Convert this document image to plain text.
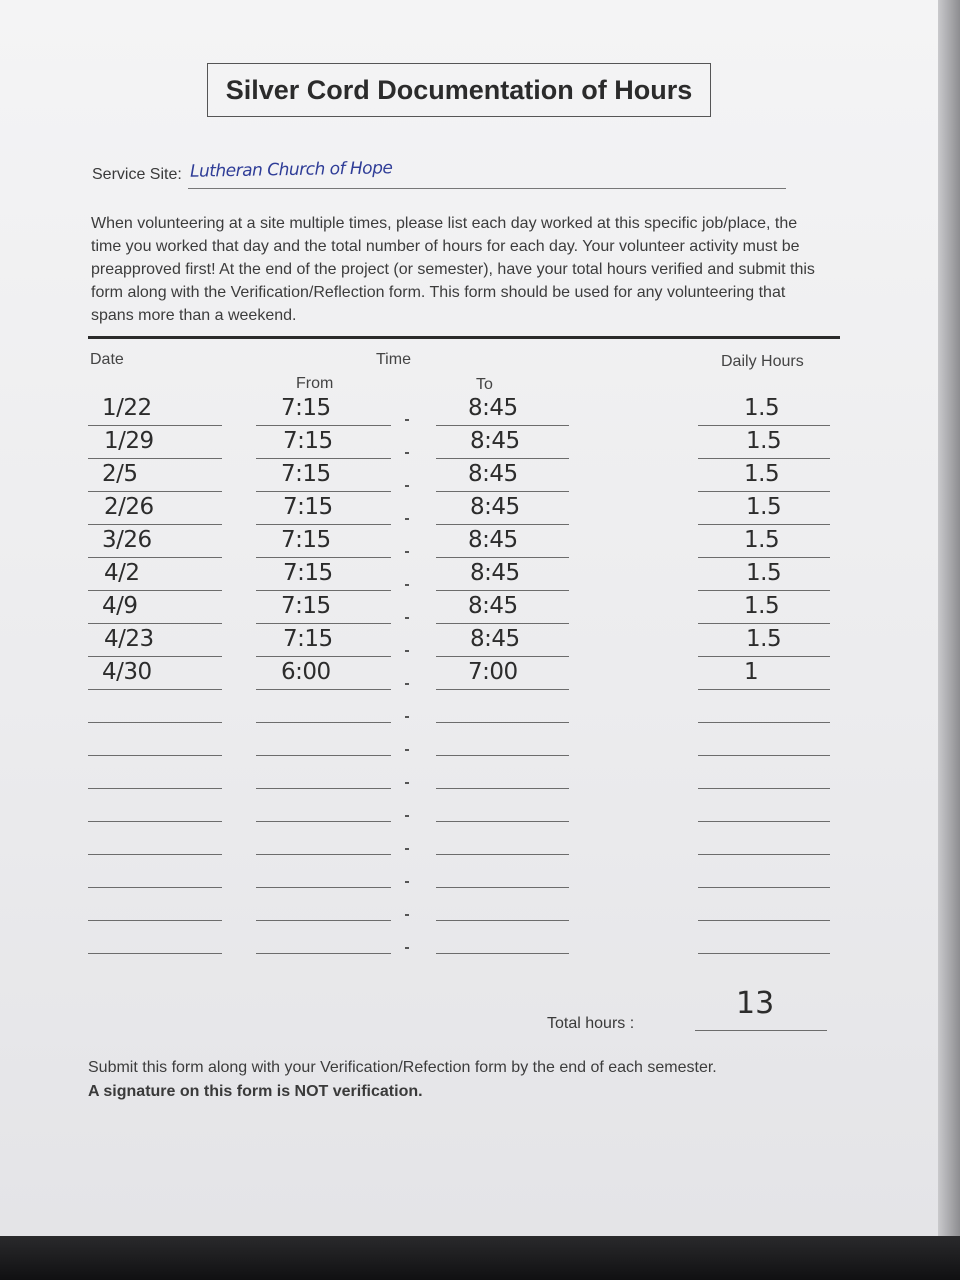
Silver Cord Documentation of Hours
Service Site: Lutheran Church of Hope
When volunteering at a site multiple times, please list each day worked at this specific job/place, the time you worked that day and the total number of hours for each day. Your volunteer activity must be preapproved first! At the end of the project (or semester), have your total hours verified and submit this form along with the Verification/Reflection form. This form should be used for any volunteering that spans more than a weekend.
Date	Time	Daily Hours
From	To
1/22	7:15	8:45	1.5
1/29	7:15	8:45	1.5
2/5	7:15	8:45	1.5
2/26	7:15	8:45	1.5
3/26	7:15	8:45	1.5
4/2	7:15	8:45	1.5
4/9	7:15	8:45	1.5
4/23	7:15	8:45	1.5
4/30	6:00	7:00	1
Total hours :
13
Submit this form along with your Verification/Refection form by the end of each semester.
A signature on this form is NOT verification.
